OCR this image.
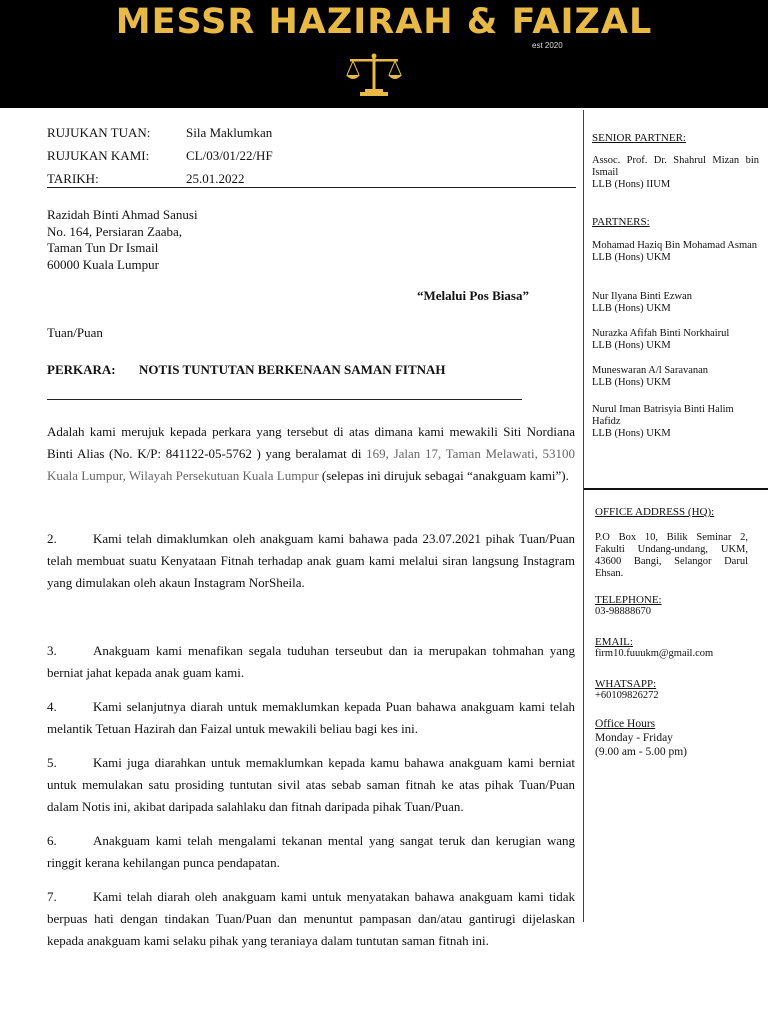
MESSR HAZIRAH & FAIZAL
est 2020
RUJUKAN TUAN:	Sila Maklumkan
RUJUKAN KAMI:	CL/03/01/22/HF
TARIKH:	25.01.2022
Razidah Binti Ahmad Sanusi
No. 164, Persiaran Zaaba,
Taman Tun Dr Ismail
60000 Kuala Lumpur
“Melalui Pos Biasa”
Tuan/Puan
PERKARA: NOTIS TUNTUTAN BERKENAAN SAMAN FITNAH
Adalah kami merujuk kepada perkara yang tersebut di atas dimana kami mewakili Siti Nordiana Binti Alias (No. K/P: 841122-05-5762 ) yang beralamat di 169, Jalan 17, Taman Melawati, 53100 Kuala Lumpur, Wilayah Persekutuan Kuala Lumpur (selepas ini dirujuk sebagai “anakguam kami”).
2.	Kami telah dimaklumkan oleh anakguam kami bahawa pada 23.07.2021 pihak Tuan/Puan telah membuat suatu Kenyataan Fitnah terhadap anak guam kami melalui siran langsung Instagram yang dimulakan oleh akaun Instagram NorSheila.
3.	Anakguam kami menafikan segala tuduhan terseubut dan ia merupakan tohmahan yang berniat jahat kepada anak guam kami.
4.	Kami selanjutnya diarah untuk memaklumkan kepada Puan bahawa anakguam kami telah melantik Tetuan Hazirah dan Faizal untuk mewakili beliau bagi kes ini.
5.	Kami juga diarahkan untuk memaklumkan kepada kamu bahawa anakguam kami berniat untuk memulakan satu prosiding tuntutan sivil atas sebab saman fitnah ke atas pihak Tuan/Puan dalam Notis ini, akibat daripada salahlaku dan fitnah daripada pihak Tuan/Puan.
6.	Anakguam kami telah mengalami tekanan mental yang sangat teruk dan kerugian wang ringgit kerana kehilangan punca pendapatan.
7.	Kami telah diarah oleh anakguam kami untuk menyatakan bahawa anakguam kami tidak berpuas hati dengan tindakan Tuan/Puan dan menuntut pampasan dan/atau gantirugi dijelaskan kepada anakguam kami selaku pihak yang teraniaya dalam tuntutan saman fitnah ini.
SENIOR PARTNER:
Assoc. Prof. Dr. Shahrul Mizan bin Ismail
LLB (Hons) IIUM
PARTNERS:
Mohamad Haziq Bin Mohamad Asman
LLB (Hons) UKM
Nur Ilyana Binti Ezwan
LLB (Hons) UKM
Nurazka Afifah Binti Norkhairul
LLB (Hons) UKM
Muneswaran A/l Saravanan
LLB (Hons) UKM
Nurul Iman Batrisyia Binti Halim Hafidz
LLB (Hons) UKM
OFFICE ADDRESS (HQ):
P.O Box 10, Bilik Seminar 2, Fakulti Undang-undang, UKM, 43600 Bangi, Selangor Darul Ehsan.
TELEPHONE:
03-98888670
EMAIL:
firm10.fuuukm@gmail.com
WHATSAPP:
+60109826272
Office Hours
Monday - Friday
(9.00 am - 5.00 pm)
